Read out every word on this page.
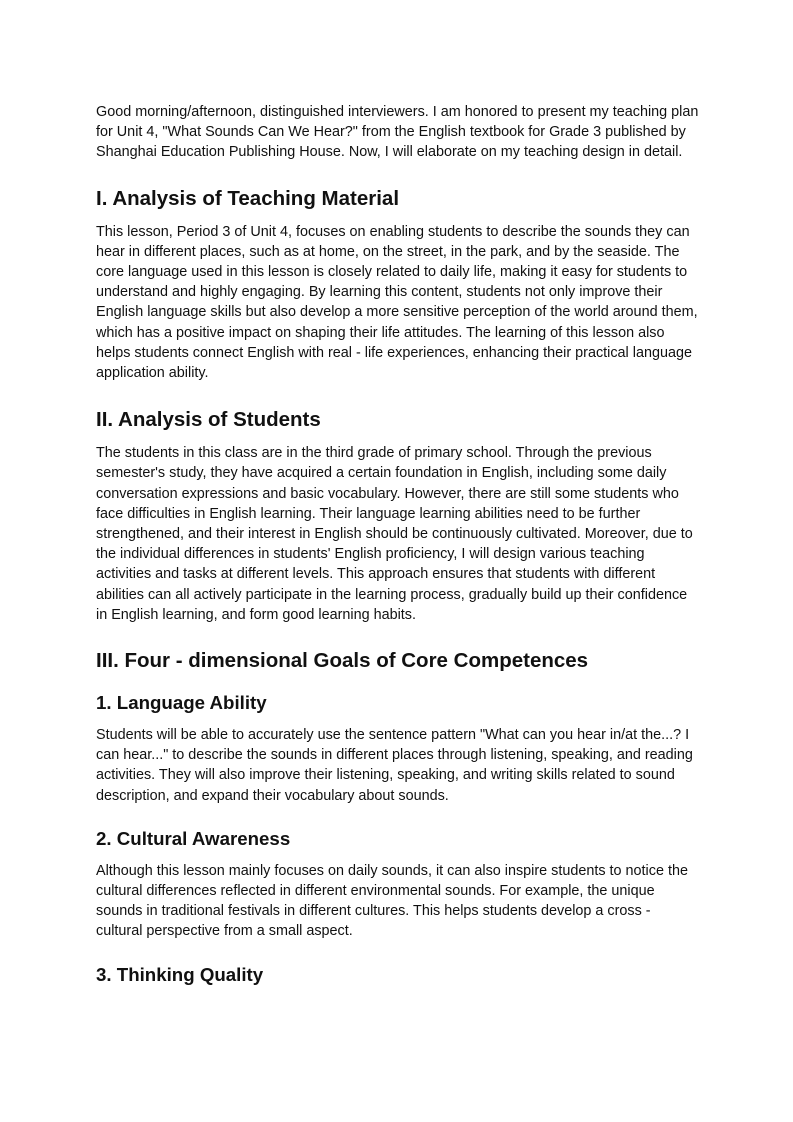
Good morning/afternoon, distinguished interviewers. I am honored to present my teaching plan for Unit 4, "What Sounds Can We Hear?" from the English textbook for Grade 3 published by Shanghai Education Publishing House. Now, I will elaborate on my teaching design in detail.

I. Analysis of Teaching Material

This lesson, Period 3 of Unit 4, focuses on enabling students to describe the sounds they can hear in different places, such as at home, on the street, in the park, and by the seaside. The core language used in this lesson is closely related to daily life, making it easy for students to understand and highly engaging. By learning this content, students not only improve their English language skills but also develop a more sensitive perception of the world around them, which has a positive impact on shaping their life attitudes. The learning of this lesson also helps students connect English with real - life experiences, enhancing their practical language application ability.

II. Analysis of Students

The students in this class are in the third grade of primary school. Through the previous semester's study, they have acquired a certain foundation in English, including some daily conversation expressions and basic vocabulary. However, there are still some students who face difficulties in English learning. Their language learning abilities need to be further strengthened, and their interest in English should be continuously cultivated. Moreover, due to the individual differences in students' English proficiency, I will design various teaching activities and tasks at different levels. This approach ensures that students with different abilities can all actively participate in the learning process, gradually build up their confidence in English learning, and form good learning habits.

III. Four - dimensional Goals of Core Competences
1. Language Ability

Students will be able to accurately use the sentence pattern "What can you hear in/at the...? I can hear..." to describe the sounds in different places through listening, speaking, and reading activities. They will also improve their listening, speaking, and writing skills related to sound description, and expand their vocabulary about sounds.

2. Cultural Awareness

Although this lesson mainly focuses on daily sounds, it can also inspire students to notice the cultural differences reflected in different environmental sounds. For example, the unique sounds in traditional festivals in different cultures. This helps students develop a cross - cultural perspective from a small aspect.

3. Thinking Quality
